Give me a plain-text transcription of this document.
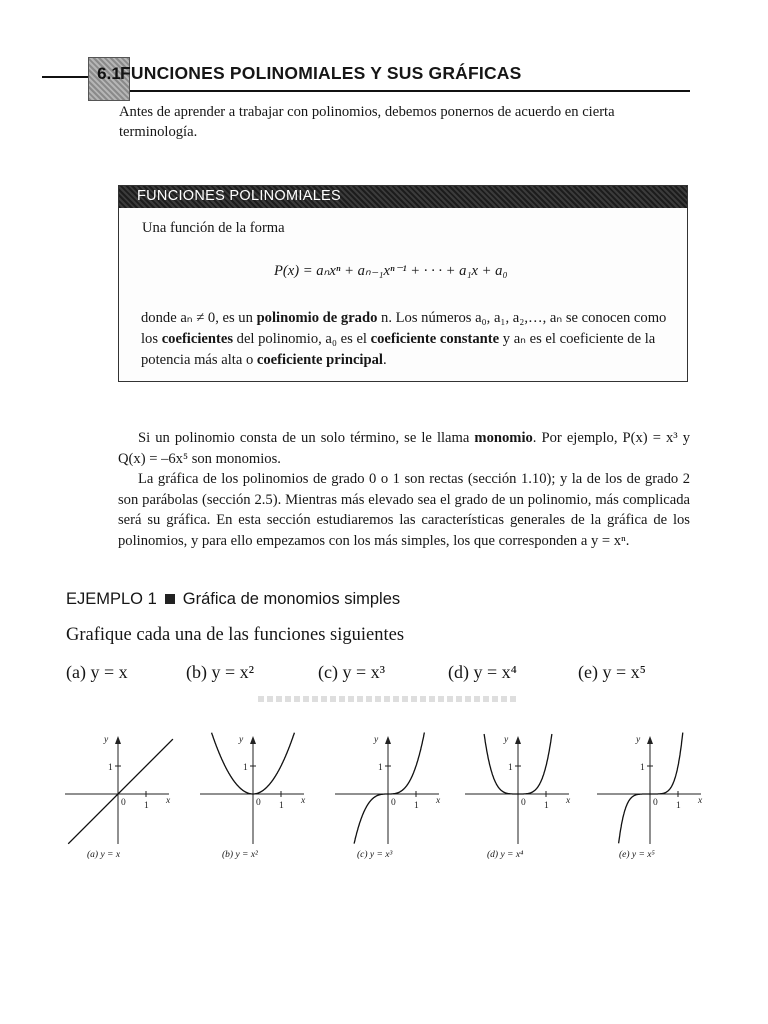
6.1 FUNCIONES POLINOMIALES Y SUS GRÁFICAS
Antes de aprender a trabajar con polinomios, debemos ponernos de acuerdo en cierta terminología.
FUNCIONES POLINOMIALES
Una función de la forma
P(x) = aₙxⁿ + aₙ₋₁xⁿ⁻¹ + · · · + a₁x + a₀
donde aₙ ≠ 0, es un polinomio de grado n. Los números a₀, a₁, a₂,…, aₙ se conocen como los coeficientes del polinomio, a₀ es el coeficiente constante y aₙ es el coeficiente de la potencia más alta o coeficiente principal.
Si un polinomio consta de un solo término, se le llama monomio. Por ejemplo, P(x) = x³ y Q(x) = –6x⁵ son monomios.
La gráfica de los polinomios de grado 0 o 1 son rectas (sección 1.10); y la de los de grado 2 son parábolas (sección 2.5). Mientras más elevado sea el grado de un polinomio, más complicada será su gráfica. En esta sección estudiaremos las características generales de la gráfica de los polinomios, y para ello empezamos con los más simples, los que corresponden a y = xⁿ.
EJEMPLO 1 Gráfica de monomios simples
Grafique cada una de las funciones siguientes
(a) y = x	(b) y = x²	(c) y = x³	(d) y = x⁴	(e) y = x⁵
y
x
0 1
1
(a) y = x
y
x
0 1
1
(b) y = x²
y
x
0 1
1
(c) y = x³
y
x
0 1
1
(d) y = x⁴
y
x
0 1
1
(e) y = x⁵
